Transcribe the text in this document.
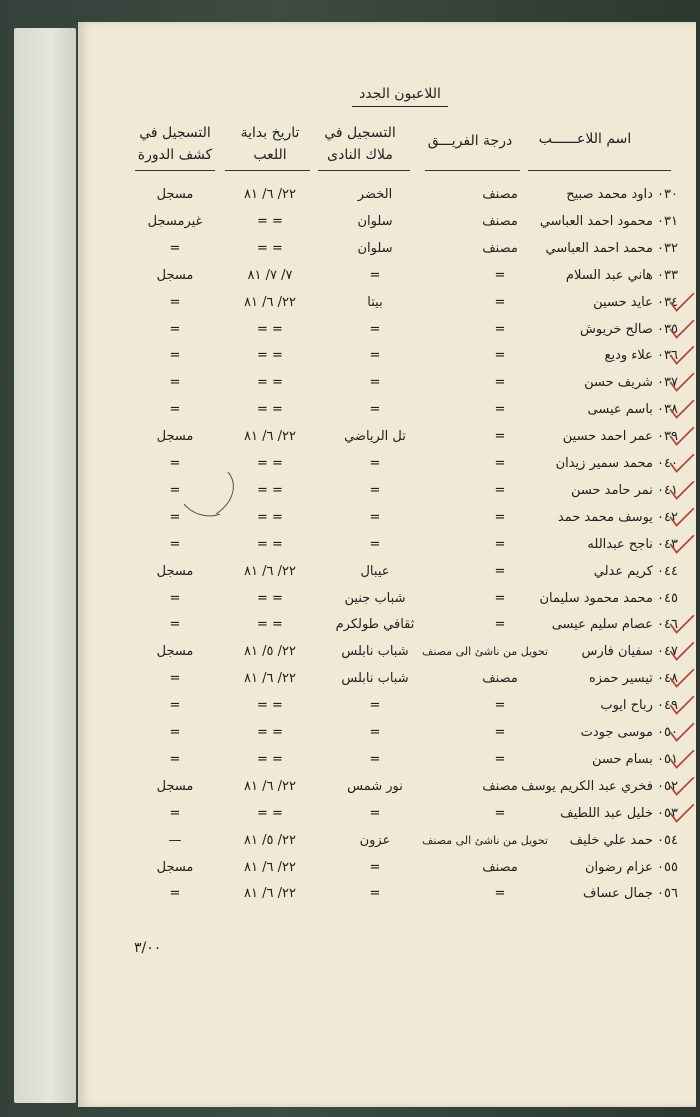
اللاعبون الجدد
اسم اللاعــــــب
درجة الفريـــق
التسجيل في
ملاك النادى
تاريخ بداية
اللعب
التسجيل في
كشف الدورة
٠٣٠ داود محمد صبيح
مصنف
الخضر
٢٢/ ٦/ ٨١
مسجل
٠٣١ محمود احمد العباسي
مصنف
سلوان
= =
غيرمسجل
٠٣٢ محمد احمد العباسي
مصنف
سلوان
= =
=
٠٣٣ هاني عبد السلام
=
=
٧/ ٧/ ٨١
مسجل
٠٣٤ عايد حسين
=
بيتا
٢٢/ ٦/ ٨١
=
٠٣٥ صالح خريوش
=
=
= =
=
٠٣٦ علاء وديع
=
=
= =
=
٠٣٧ شريف حسن
=
=
= =
=
٠٣٨ باسم عيسى
=
=
= =
=
٠٣٩ عمر احمد حسين
=
تل الرياضي
٢٢/ ٦/ ٨١
مسجل
٠٤٠ محمد سمير زيدان
=
=
= =
=
٠٤١ نمر حامد حسن
=
=
= =
=
٠٤٢ يوسف محمد حمد
=
=
= =
=
٠٤٣ ناجح عبدالله
=
=
= =
=
٠٤٤ كريم عدلي
=
عيبال
٢٢/ ٦/ ٨١
مسجل
٠٤٥ محمد محمود سليمان
=
شباب جنين
= =
=
٠٤٦ عصام سليم عيسى
=
ثقافي طولكرم
= =
=
٠٤٧ سفيان فارس
تحويل من ناشئ الى مصنف
شباب نابلس
٢٢/ ٥/ ٨١
مسجل
٠٤٨ تيسير حمزه
مصنف
شباب نابلس
٢٢/ ٦/ ٨١
=
٠٤٩ رباح ايوب
=
=
= =
=
٠٥٠ موسى جودت
=
=
= =
=
٠٥١ بسام حسن
=
=
= =
=
٠٥٢ فخري عبد الكريم يوسف
مصنف
نور شمس
٢٢/ ٦/ ٨١
مسجل
٠٥٣ خليل عبد اللطيف
=
=
= =
=
٠٥٤ حمد علي خليف
تحويل من ناشئ الى مصنف
عزون
٢٢/ ٥/ ٨١
—
٠٥٥ عزام رضوان
مصنف
=
٢٢/ ٦/ ٨١
مسجل
٠٥٦ جمال عساف
=
=
٢٢/ ٦/ ٨١
=
٣/٠٠
